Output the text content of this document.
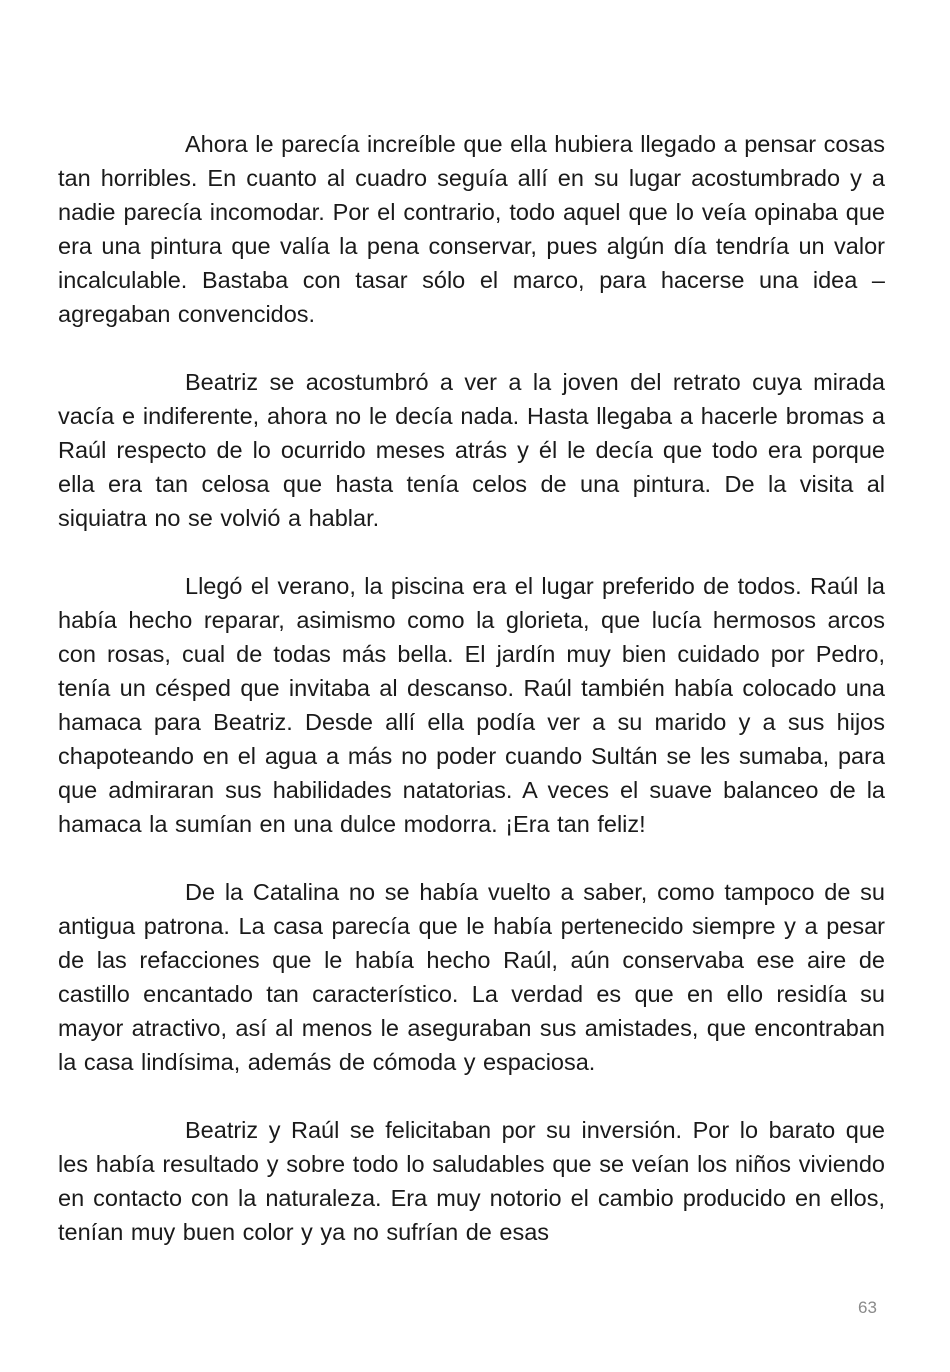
Ahora le parecía increíble que ella hubiera llegado a pensar cosas tan horribles. En cuanto al cuadro seguía allí en su lugar acostumbrado y a nadie parecía incomodar. Por el contrario, todo aquel que lo veía opinaba que era una pintura que valía la pena conservar, pues algún día tendría un valor incalculable. Bastaba con tasar sólo el marco, para hacerse una idea – agregaban convencidos.

Beatriz se acostumbró a ver a la joven del retrato cuya mirada vacía e indiferente, ahora no le decía nada. Hasta llegaba a hacerle bromas a Raúl respecto de lo ocurrido meses atrás y él le decía que todo era porque ella era tan celosa que hasta tenía celos de una pintura. De la visita al siquiatra no se volvió a hablar.

Llegó el verano, la piscina era el lugar preferido de todos. Raúl la había hecho reparar, asimismo como la glorieta, que lucía hermosos arcos con rosas, cual de todas más bella. El jardín muy bien cuidado por Pedro, tenía un césped que invitaba al descanso. Raúl también había colocado una hamaca para Beatriz. Desde allí ella podía ver a su marido y a sus hijos chapoteando en el agua a más no poder cuando Sultán se les sumaba, para que admiraran sus habilidades natatorias. A veces el suave balanceo de la hamaca la sumían en una dulce modorra. ¡Era tan feliz!

De la Catalina no se había vuelto a saber, como tampoco de su antigua patrona. La casa parecía que le había pertenecido siempre y a pesar de las refacciones que le había hecho Raúl, aún conservaba ese aire de castillo encantado tan característico. La verdad es que en ello residía su mayor atractivo, así al menos le aseguraban sus amistades, que encontraban la casa lindísima, además de cómoda y espaciosa.

Beatriz y Raúl se felicitaban por su inversión. Por lo barato que les había resultado y sobre todo lo saludables que se veían los niños viviendo en contacto con la naturaleza. Era muy notorio el cambio producido en ellos, tenían muy buen color y ya no sufrían de esas

63
